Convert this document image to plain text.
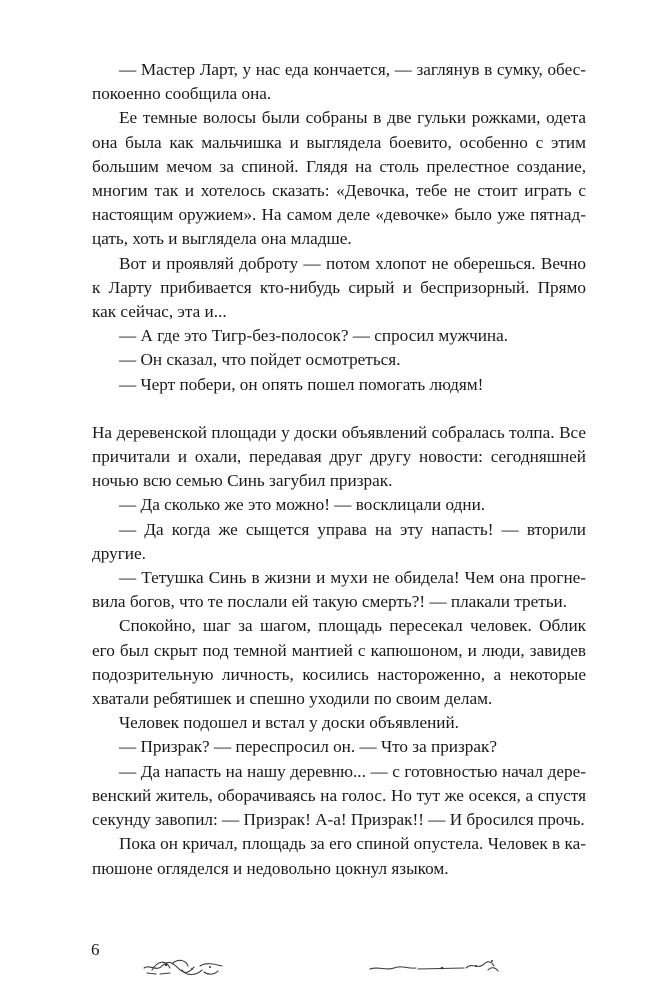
— Мастер Ларт, у нас еда кончается, — заглянув в сумку, обеспокоенно сообщила она.

Ее темные волосы были собраны в две гульки рожками, одета она была как мальчишка и выглядела боевито, особенно с этим большим мечом за спиной. Глядя на столь прелестное создание, многим так и хотелось сказать: «Девочка, тебе не стоит играть с настоящим оружием». На самом деле «девочке» было уже пятнадцать, хоть и выглядела она младше.

Вот и проявляй доброту — потом хлопот не оберешься. Вечно к Ларту прибивается кто-нибудь сирый и беспризорный. Прямо как сейчас, эта и...

— А где это Тигр-без-полосок? — спросил мужчина.

— Он сказал, что пойдет осмотреться.

— Черт побери, он опять пошел помогать людям!

На деревенской площади у доски объявлений собралась толпа. Все причитали и охали, передавая друг другу новости: сегодняшней ночью всю семью Синь загубил призрак.

— Да сколько же это можно! — восклицали одни.

— Да когда же сыщется управа на эту напасть! — вторили другие.

— Тетушка Синь в жизни и мухи не обидела! Чем она прогневила богов, что те послали ей такую смерть?! — плакали третьи.

Спокойно, шаг за шагом, площадь пересекал человек. Облик его был скрыт под темной мантией с капюшоном, и люди, завидев подозрительную личность, косились настороженно, а некоторые хватали ребятишек и спешно уходили по своим делам.

Человек подошел и встал у доски объявлений.

— Призрак? — переспросил он. — Что за призрак?

— Да напасть на нашу деревню... — с готовностью начал деревенский житель, оборачиваясь на голос. Но тут же осекся, а спустя секунду завопил: — Призрак! А-а! Призрак!! — И бросился прочь.

Пока он кричал, площадь за его спиной опустела. Человек в капюшоне огляделся и недовольно цокнул языком.

6
